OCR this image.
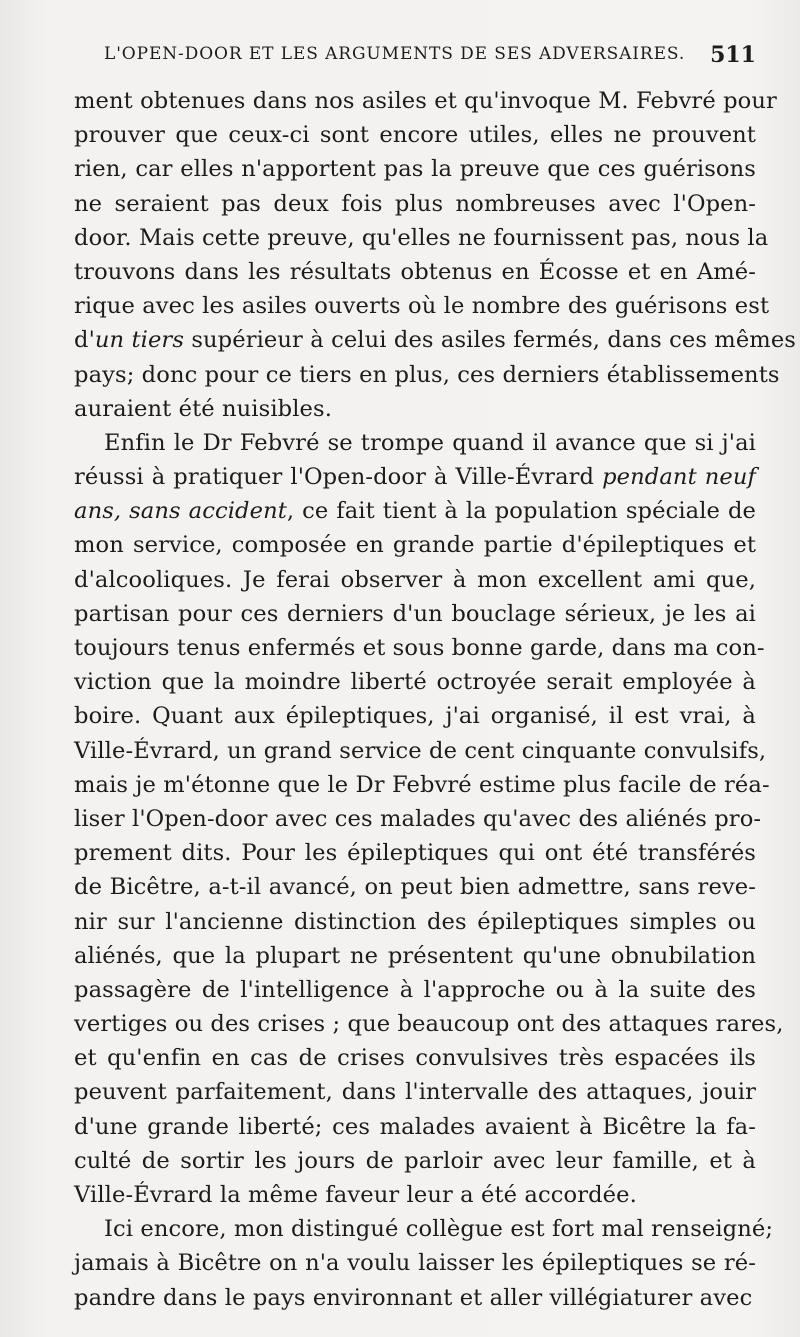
L'OPEN-DOOR ET LES ARGUMENTS DE SES ADVERSAIRES. 511
ment obtenues dans nos asiles et qu'invoque M. Febvré pour
prouver que ceux-ci sont encore utiles, elles ne prouvent
rien, car elles n'apportent pas la preuve que ces guérisons
ne seraient pas deux fois plus nombreuses avec l'Open-
door. Mais cette preuve, qu'elles ne fournissent pas, nous la
trouvons dans les résultats obtenus en Écosse et en Amé-
rique avec les asiles ouverts où le nombre des guérisons est
d'un tiers supérieur à celui des asiles fermés, dans ces mêmes
pays; donc pour ce tiers en plus, ces derniers établissements
auraient été nuisibles.
Enfin le Dr Febvré se trompe quand il avance que si j'ai
réussi à pratiquer l'Open-door à Ville-Évrard pendant neuf
ans, sans accident, ce fait tient à la population spéciale de
mon service, composée en grande partie d'épileptiques et
d'alcooliques. Je ferai observer à mon excellent ami que,
partisan pour ces derniers d'un bouclage sérieux, je les ai
toujours tenus enfermés et sous bonne garde, dans ma con-
viction que la moindre liberté octroyée serait employée à
boire. Quant aux épileptiques, j'ai organisé, il est vrai, à
Ville-Évrard, un grand service de cent cinquante convulsifs,
mais je m'étonne que le Dr Febvré estime plus facile de réa-
liser l'Open-door avec ces malades qu'avec des aliénés pro-
prement dits. Pour les épileptiques qui ont été transférés
de Bicêtre, a-t-il avancé, on peut bien admettre, sans reve-
nir sur l'ancienne distinction des épileptiques simples ou
aliénés, que la plupart ne présentent qu'une obnubilation
passagère de l'intelligence à l'approche ou à la suite des
vertiges ou des crises ; que beaucoup ont des attaques rares,
et qu'enfin en cas de crises convulsives très espacées ils
peuvent parfaitement, dans l'intervalle des attaques, jouir
d'une grande liberté; ces malades avaient à Bicêtre la fa-
culté de sortir les jours de parloir avec leur famille, et à
Ville-Évrard la même faveur leur a été accordée.
Ici encore, mon distingué collègue est fort mal renseigné;
jamais à Bicêtre on n'a voulu laisser les épileptiques se ré-
pandre dans le pays environnant et aller villégiaturer avec
